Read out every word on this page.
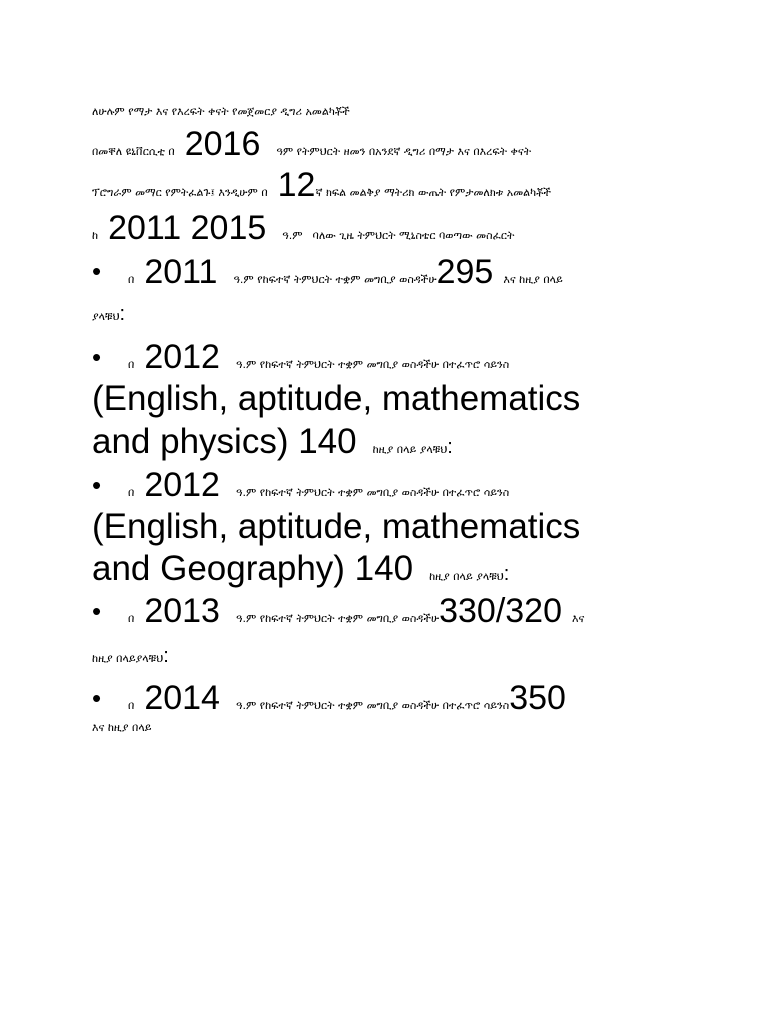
ለሁሉም የማታ እና የእረፍት ቀናት የመጀመርያ ዲግሪ አመልካቾች
በመቐለ ዩኒቨርሲቲ በ 2016 ዓም የትምህርት ዘመን በአንደኛ ዲግሪ በማታ እና በእረፍት ቀናት
ፕሮግራም መማር የምትፈልጉ፤ እንዲሁም በ 12ኛ ክፍል መልቅያ ማትሪክ ውጤት የምታመለክቱ አመልካቾች
ከ 2011 2015 ዓ.ም ባለው ጊዜ ትምህርት ሚኒስቴር ባወጣው መስፈርት
• በ 2011 ዓ.ም የከፍተኛ ትምህርት ተቋም መግቢያ ወስዳችሁ295 እና ከዚያ በላይ
ያላቹህ:
• በ 2012 ዓ.ም የከፍተኛ ትምህርት ተቋም መግቢያ ወስዳችሁ በተፈጥሮ ሳይንስ
(English, aptitude, mathematics
and physics) 140 ከዚያ በላይ ያላቹህ:
• በ 2012 ዓ.ም የከፍተኛ ትምህርት ተቋም መግቢያ ወስዳችሁ በተፈጥሮ ሳይንስ
(English, aptitude, mathematics
and Geography) 140 ከዚያ በላይ ያላቹህ:
• በ 2013 ዓ.ም የከፍተኛ ትምህርት ተቋም መግቢያ ወስዳችሁ330/320 እና
ከዚያ በላይያላቹህ:
• በ 2014 ዓ.ም የከፍተኛ ትምህርት ተቋም መግቢያ ወስዳችሁ በተፈጥሮ ሳይንስ350
እና ከዚያ በላይ
